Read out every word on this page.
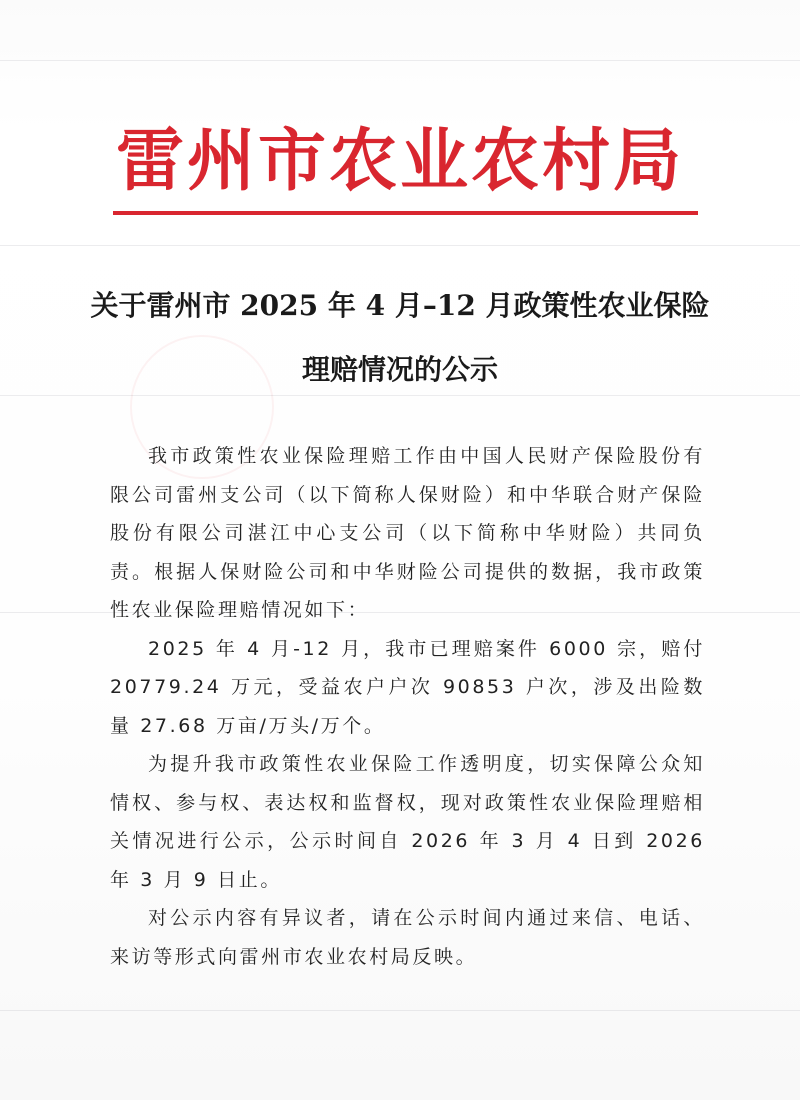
雷州市农业农村局
关于雷州市 2025 年 4 月–12 月政策性农业保险
理赔情况的公示

我市政策性农业保险理赔工作由中国人民财产保险股份有限公司雷州支公司（以下简称人保财险）和中华联合财产保险股份有限公司湛江中心支公司（以下简称中华财险）共同负责。根据人保财险公司和中华财险公司提供的数据，我市政策性农业保险理赔情况如下：

2025 年 4 月-12 月，我市已理赔案件 6000 宗，赔付 20779.24 万元，受益农户户次 90853 户次，涉及出险数量 27.68 万亩/万头/万个。

为提升我市政策性农业保险工作透明度，切实保障公众知情权、参与权、表达权和监督权，现对政策性农业保险理赔相关情况进行公示，公示时间自 2026 年 3 月 4 日到 2026 年 3 月 9 日止。

对公示内容有异议者，请在公示时间内通过来信、电话、来访等形式向雷州市农业农村局反映。
